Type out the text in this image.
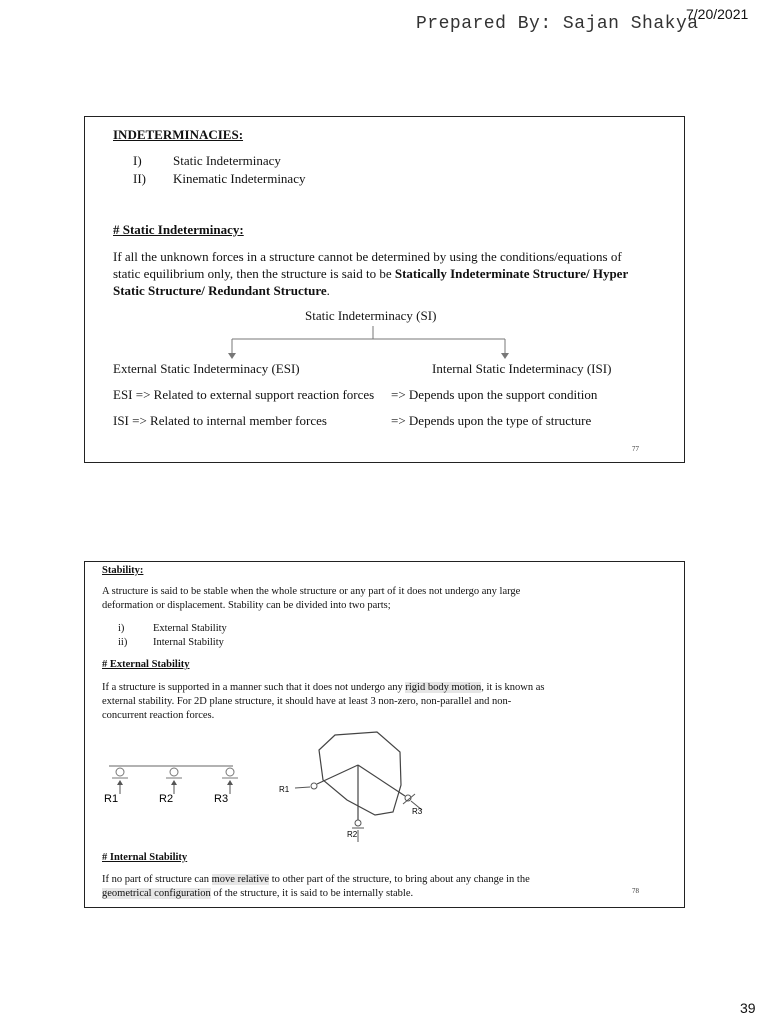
Prepared By: Sajan Shakya
7/20/2021
INDETERMINACIES:
I) Static Indeterminacy
II) Kinematic Indeterminacy
# Static Indeterminacy:
If all the unknown forces in a structure cannot be determined by using the conditions/equations of static equilibrium only, then the structure is said to be Statically Indeterminate Structure/ Hyper Static Structure/ Redundant Structure.
Static Indeterminacy (SI)
External Static Indeterminacy (ESI)	Internal Static Indeterminacy (ISI)
ESI => Related to external support reaction forces => Depends upon the support condition
ISI => Related to internal member forces	=> Depends upon the type of structure
77
Stability:
A structure is said to be stable when the whole structure or any part of it does not undergo any large deformation or displacement. Stability can be divided into two parts;
i)	External Stability
ii) Internal Stability
# External Stability
If a structure is supported in a manner such that it does not undergo any rigid body motion, it is known as external stability. For 2D plane structure, it should have at least 3 non-zero, non-parallel and non-concurrent reaction forces.
R1	R2	R3
R1
R2
R3
# Internal Stability
If no part of structure can move relative to other part of the structure, to bring about any change in the geometrical configuration of the structure, it is said to be internally stable.	78
39
